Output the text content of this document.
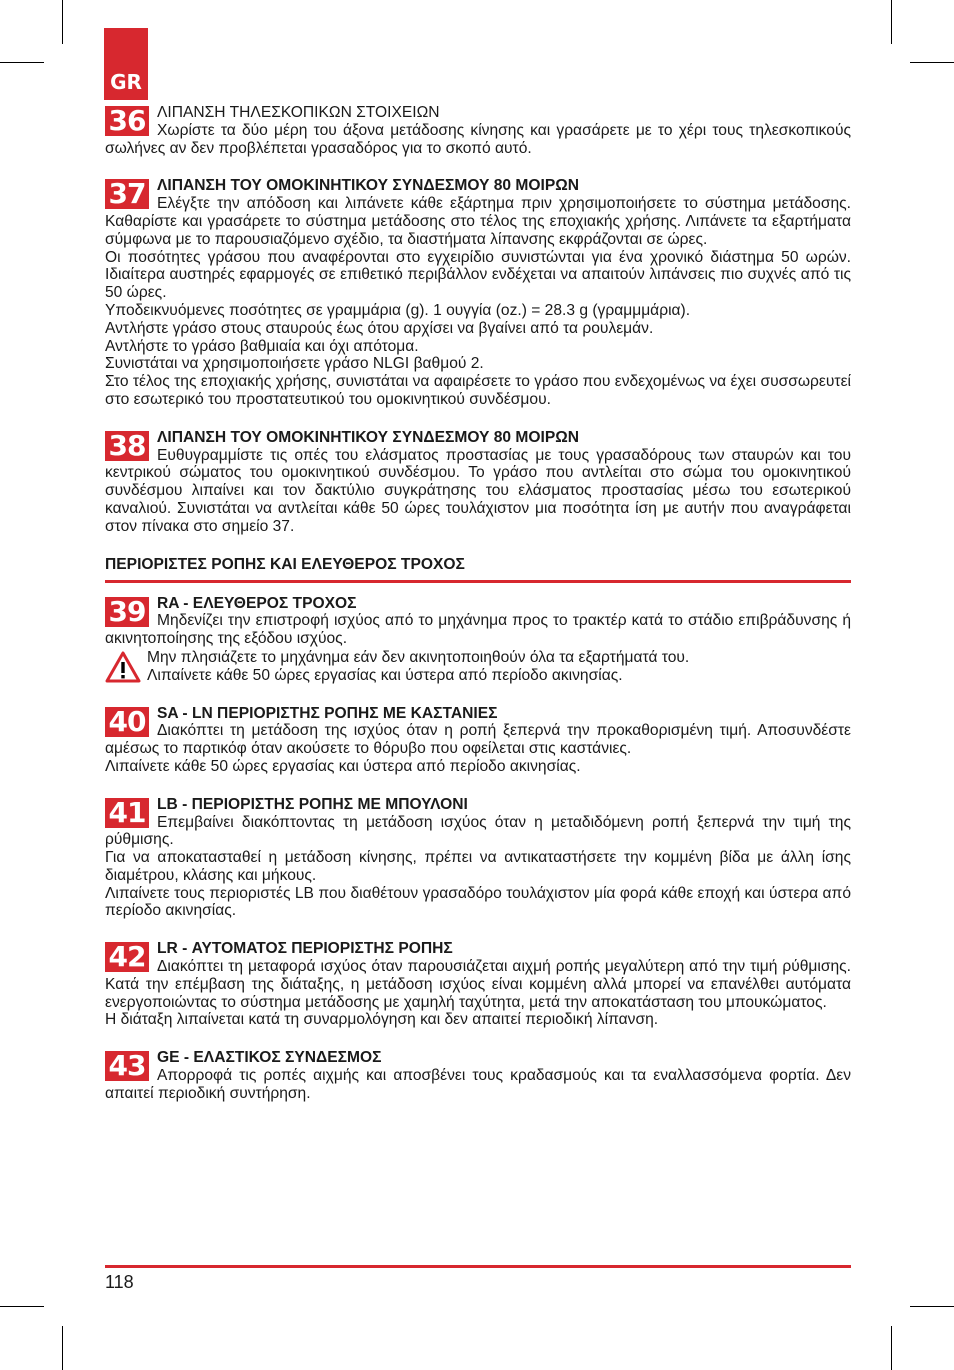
GR
36 ΛΙΠΑΝΣΗ ΤΗΛΕΣΚΟΠΙΚΩΝ ΣΤΟΙΧΕΙΩΝ
Χωρίστε τα δύο μέρη του άξονα μετάδοσης κίνησης και γρασάρετε με το χέρι τους τηλεσκοπικούς σωλήνες αν δεν προβλέπεται γρασαδόρος για το σκοπό αυτό.
37 ΛΙΠΑΝΣΗ ΤΟΥ ΟΜΟΚΙΝΗΤΙΚΟΥ ΣΥΝΔΕΣΜΟΥ 80 ΜΟΙΡΩΝ
Ελέγξτε την απόδοση και λιπάνετε κάθε εξάρτημα πριν χρησιμοποιήσετε το σύστημα μετάδοσης. Καθαρίστε και γρασάρετε το σύστημα μετάδοσης στο τέλος της εποχιακής χρήσης. Λιπάνετε τα εξαρτήματα σύμφωνα με το παρουσιαζόμενο σχέδιο, τα διαστήματα λίπανσης εκφράζονται σε ώρες.
Οι ποσότητες γράσου που αναφέρονται στο εγχειρίδιο συνιστώνται για ένα χρονικό διάστημα 50 ωρών. Ιδιαίτερα αυστηρές εφαρμογές σε επιθετικό περιβάλλον ενδέχεται να απαιτούν λιπάνσεις πιο συχνές από τις 50 ώρες.
Υποδεικνυόμενες ποσότητες σε γραμμάρια (g). 1 ουγγία (oz.) = 28.3 g (γραμμμάρια).
Αντλήστε γράσο στους σταυρούς έως ότου αρχίσει να βγαίνει από τα ρουλεμάν.
Αντλήστε το γράσο βαθμιαία και όχι απότομα.
Συνιστάται να χρησιμοποιήσετε γράσο NLGI βαθμού 2.
Στο τέλος της εποχιακής χρήσης, συνιστάται να αφαιρέσετε το γράσο που ενδεχομένως να έχει συσσωρευτεί στο εσωτερικό του προστατευτικού του ομοκινητικού συνδέσμου.
38 ΛΙΠΑΝΣΗ ΤΟΥ ΟΜΟΚΙΝΗΤΙΚΟΥ ΣΥΝΔΕΣΜΟΥ 80 ΜΟΙΡΩΝ
Ευθυγραμμίστε τις οπές του ελάσματος προστασίας με τους γρασαδόρους των σταυρών και του κεντρικού σώματος του ομοκινητικού συνδέσμου. Το γράσο που αντλείται στο σώμα του ομοκινητικού συνδέσμου λιπαίνει και τον δακτύλιο συγκράτησης του ελάσματος προστασίας μέσω του εσωτερικού καναλιού. Συνιστάται να αντλείται κάθε 50 ώρες τουλάχιστον μια ποσότητα ίση με αυτήν που αναγράφεται στον πίνακα στο σημείο 37.
ΠΕΡΙΟΡΙΣΤΕΣ ΡΟΠΗΣ ΚΑΙ ΕΛΕΥΘΕΡΟΣ ΤΡΟΧΟΣ
39 RA - ΕΛΕΥΘΕΡΟΣ ΤΡΟΧΟΣ
Μηδενίζει την επιστροφή ισχύος από το μηχάνημα προς το τρακτέρ κατά το στάδιο επιβράδυνσης ή ακινητοποίησης της εξόδου ισχύος.
Μην πλησιάζετε το μηχάνημα εάν δεν ακινητοποιηθούν όλα τα εξαρτήματά του.
Λιπαίνετε κάθε 50 ώρες εργασίας και ύστερα από περίοδο ακινησίας.
40 SA - LN ΠΕΡΙΟΡΙΣΤΗΣ ΡΟΠΗΣ ΜΕ ΚΑΣΤΑΝΙΕΣ
Διακόπτει τη μετάδοση της ισχύος όταν η ροπή ξεπερνά την προκαθορισμένη τιμή. Αποσυνδέστε αμέσως το παρτικόφ όταν ακούσετε το θόρυβο που οφείλεται στις καστάνιες.
Λιπαίνετε κάθε 50 ώρες εργασίας και ύστερα από περίοδο ακινησίας.
41 LB - ΠΕΡΙΟΡΙΣΤΗΣ ΡΟΠΗΣ ΜΕ ΜΠΟΥΛΟΝΙ
Επεμβαίνει διακόπτοντας τη μετάδοση ισχύος όταν η μεταδιδόμενη ροπή ξεπερνά την τιμή της ρύθμισης.
Για να αποκατασταθεί η μετάδοση κίνησης, πρέπει να αντικαταστήσετε την κομμένη βίδα με άλλη ίσης διαμέτρου, κλάσης και μήκους.
Λιπαίνετε τους περιοριστές LB που διαθέτουν γρασαδόρο τουλάχιστον μία φορά κάθε εποχή και ύστερα από περίοδο ακινησίας.
42 LR - ΑΥΤΟΜΑΤΟΣ ΠΕΡΙΟΡΙΣΤΗΣ ΡΟΠΗΣ
Διακόπτει τη μεταφορά ισχύος όταν παρουσιάζεται αιχμή ροπής μεγαλύτερη από την τιμή ρύθμισης. Κατά την επέμβαση της διάταξης, η μετάδοση ισχύος είναι κομμένη αλλά μπορεί να επανέλθει αυτόματα ενεργοποιώντας το σύστημα μετάδοσης με χαμηλή ταχύτητα, μετά την αποκατάσταση του μπουκώματος.
Η διάταξη λιπαίνεται κατά τη συναρμολόγηση και δεν απαιτεί περιοδική λίπανση.
43 GE - ΕΛΑΣΤΙΚΟΣ ΣΥΝΔΕΣΜΟΣ
Απορροφά τις ροπές αιχμής και αποσβένει τους κραδασμούς και τα εναλλασσόμενα φορτία. Δεν απαιτεί περιοδική συντήρηση.
118
